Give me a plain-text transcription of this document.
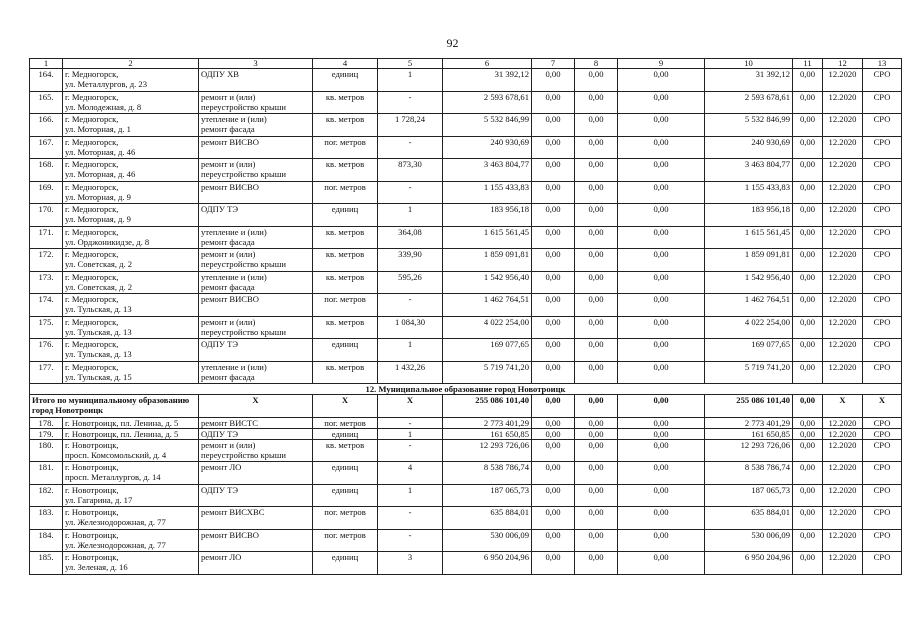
92
1	2	3	4	5	6	7	8	9	10	11	12	13
164.	г. Медногорск,
ул. Металлургов, д. 23	ОДПУ ХВ	единиц	1	31 392,12	0,00	0,00	0,00	31 392,12	0,00	12.2020	СРО
165.	г. Медногорск,
ул. Молодежная, д. 8	ремонт и (или)
переустройство крыши	кв. метров	-	2 593 678,61	0,00	0,00	0,00	2 593 678,61	0,00	12.2020	СРО
166.	г. Медногорск,
ул. Моторная, д. 1	утепление и (или)
ремонт фасада	кв. метров	1 728,24	5 532 846,99	0,00	0,00	0,00	5 532 846,99	0,00	12.2020	СРО
167.	г. Медногорск,
ул. Моторная, д. 46	ремонт ВИСВО	пог. метров	-	240 930,69	0,00	0,00	0,00	240 930,69	0,00	12.2020	СРО
168.	г. Медногорск,
ул. Моторная, д. 46	ремонт и (или)
переустройство крыши	кв. метров	873,30	3 463 804,77	0,00	0,00	0,00	3 463 804,77	0,00	12.2020	СРО
169.	г. Медногорск,
ул. Моторная, д. 9	ремонт ВИСВО	пог. метров	-	1 155 433,83	0,00	0,00	0,00	1 155 433,83	0,00	12.2020	СРО
170.	г. Медногорск,
ул. Моторная, д. 9	ОДПУ ТЭ	единиц	1	183 956,18	0,00	0,00	0,00	183 956,18	0,00	12.2020	СРО
171.	г. Медногорск,
ул. Орджоникидзе, д. 8	утепление и (или)
ремонт фасада	кв. метров	364,08	1 615 561,45	0,00	0,00	0,00	1 615 561,45	0,00	12.2020	СРО
172.	г. Медногорск,
ул. Советская, д. 2	ремонт и (или)
переустройство крыши	кв. метров	339,90	1 859 091,81	0,00	0,00	0,00	1 859 091,81	0,00	12.2020	СРО
173.	г. Медногорск,
ул. Советская, д. 2	утепление и (или)
ремонт фасада	кв. метров	595,26	1 542 956,40	0,00	0,00	0,00	1 542 956,40	0,00	12.2020	СРО
174.	г. Медногорск,
ул. Тульская, д. 13	ремонт ВИСВО	пог. метров	-	1 462 764,51	0,00	0,00	0,00	1 462 764,51	0,00	12.2020	СРО
175.	г. Медногорск,
ул. Тульская, д. 13	ремонт и (или)
переустройство крыши	кв. метров	1 084,30	4 022 254,00	0,00	0,00	0,00	4 022 254,00	0,00	12.2020	СРО
176.	г. Медногорск,
ул. Тульская, д. 13	ОДПУ ТЭ	единиц	1	169 077,65	0,00	0,00	0,00	169 077,65	0,00	12.2020	СРО
177.	г. Медногорск,
ул. Тульская, д. 15	утепление и (или)
ремонт фасада	кв. метров	1 432,26	5 719 741,20	0,00	0,00	0,00	5 719 741,20	0,00	12.2020	СРО
12. Муниципальное образование город Новотроицк												
Итого по муниципальному образованию город Новотроицк		X	X	X	255 086 101,40	0,00	0,00	0,00	255 086 101,40	0,00	X	X
178.	г. Новотроицк, пл. Ленина, д. 5	ремонт ВИСТС	пог. метров	-	2 773 401,29	0,00	0,00	0,00	2 773 401,29	0,00	12.2020	СРО
179.	г. Новотроицк, пл. Ленина, д. 5	ОДПУ ТЭ	единиц	1	161 650,85	0,00	0,00	0,00	161 650,85	0,00	12.2020	СРО
180.	г. Новотроицк,
просп. Комсомольский, д. 4	ремонт и (или)
переустройство крыши	кв. метров	-	12 293 726,06	0,00	0,00	0,00	12 293 726,06	0,00	12.2020	СРО
181.	г. Новотроицк,
просп. Металлургов, д. 14	ремонт ЛО	единиц	4	8 538 786,74	0,00	0,00	0,00	8 538 786,74	0,00	12.2020	СРО
182.	г. Новотроицк,
ул. Гагарина, д. 17	ОДПУ ТЭ	единиц	1	187 065,73	0,00	0,00	0,00	187 065,73	0,00	12.2020	СРО
183.	г. Новотроицк,
ул. Железнодорожная, д. 77	ремонт ВИСХВС	пог. метров	-	635 884,01	0,00	0,00	0,00	635 884,01	0,00	12.2020	СРО
184.	г. Новотроицк,
ул. Железнодорожная, д. 77	ремонт ВИСВО	пог. метров	-	530 006,09	0,00	0,00	0,00	530 006,09	0,00	12.2020	СРО
185.	г. Новотроицк,
ул. Зеленая, д. 16	ремонт ЛО	единиц	3	6 950 204,96	0,00	0,00	0,00	6 950 204,96	0,00	12.2020	СРО
